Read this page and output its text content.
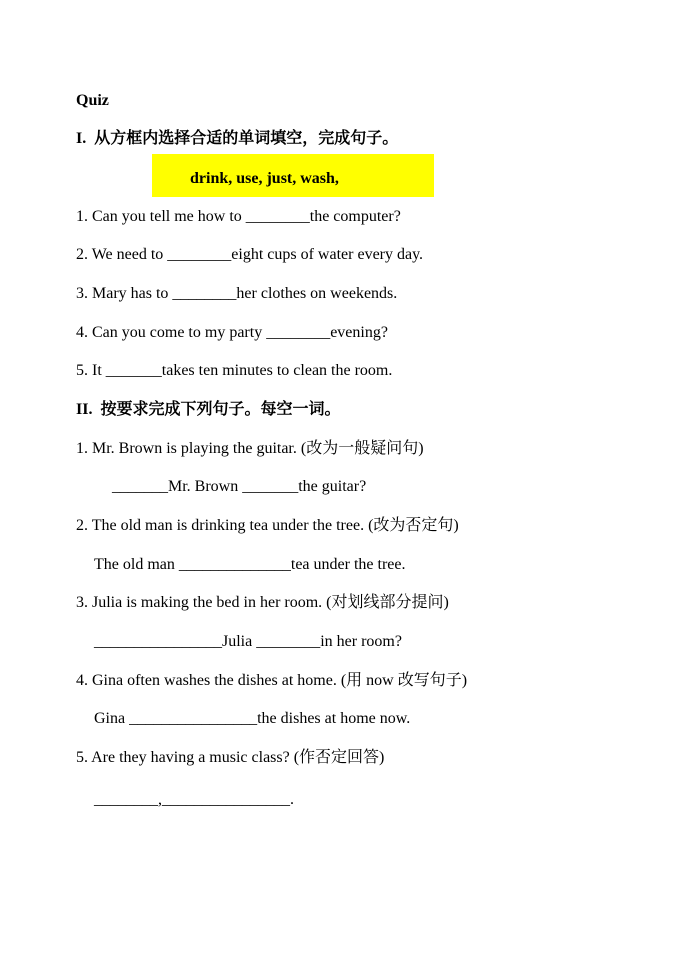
Quiz
I.  从方框内选择合适的单词填空，完成句子。
drink, use, just, wash,
1. Can you tell me how to ________the computer?
2. We need to ________eight cups of water every day.
3. Mary has to ________her clothes on weekends.
4. Can you come to my party ________evening?
5. It _______takes ten minutes to clean the room.
II.  按要求完成下列句子。每空一词。
1. Mr. Brown is playing the guitar. (改为一般疑问句)
_______Mr. Brown _______the guitar?
2. The old man is drinking tea under the tree. (改为否定句)
The old man ______________tea under the tree.
3. Julia is making the bed in her room. (对划线部分提问)
________________Julia ________in her room?
4. Gina often washes the dishes at home. (用 now 改写句子)
Gina ________________the dishes at home now.
5. Are they having a music class? (作否定回答)
________,________________.
